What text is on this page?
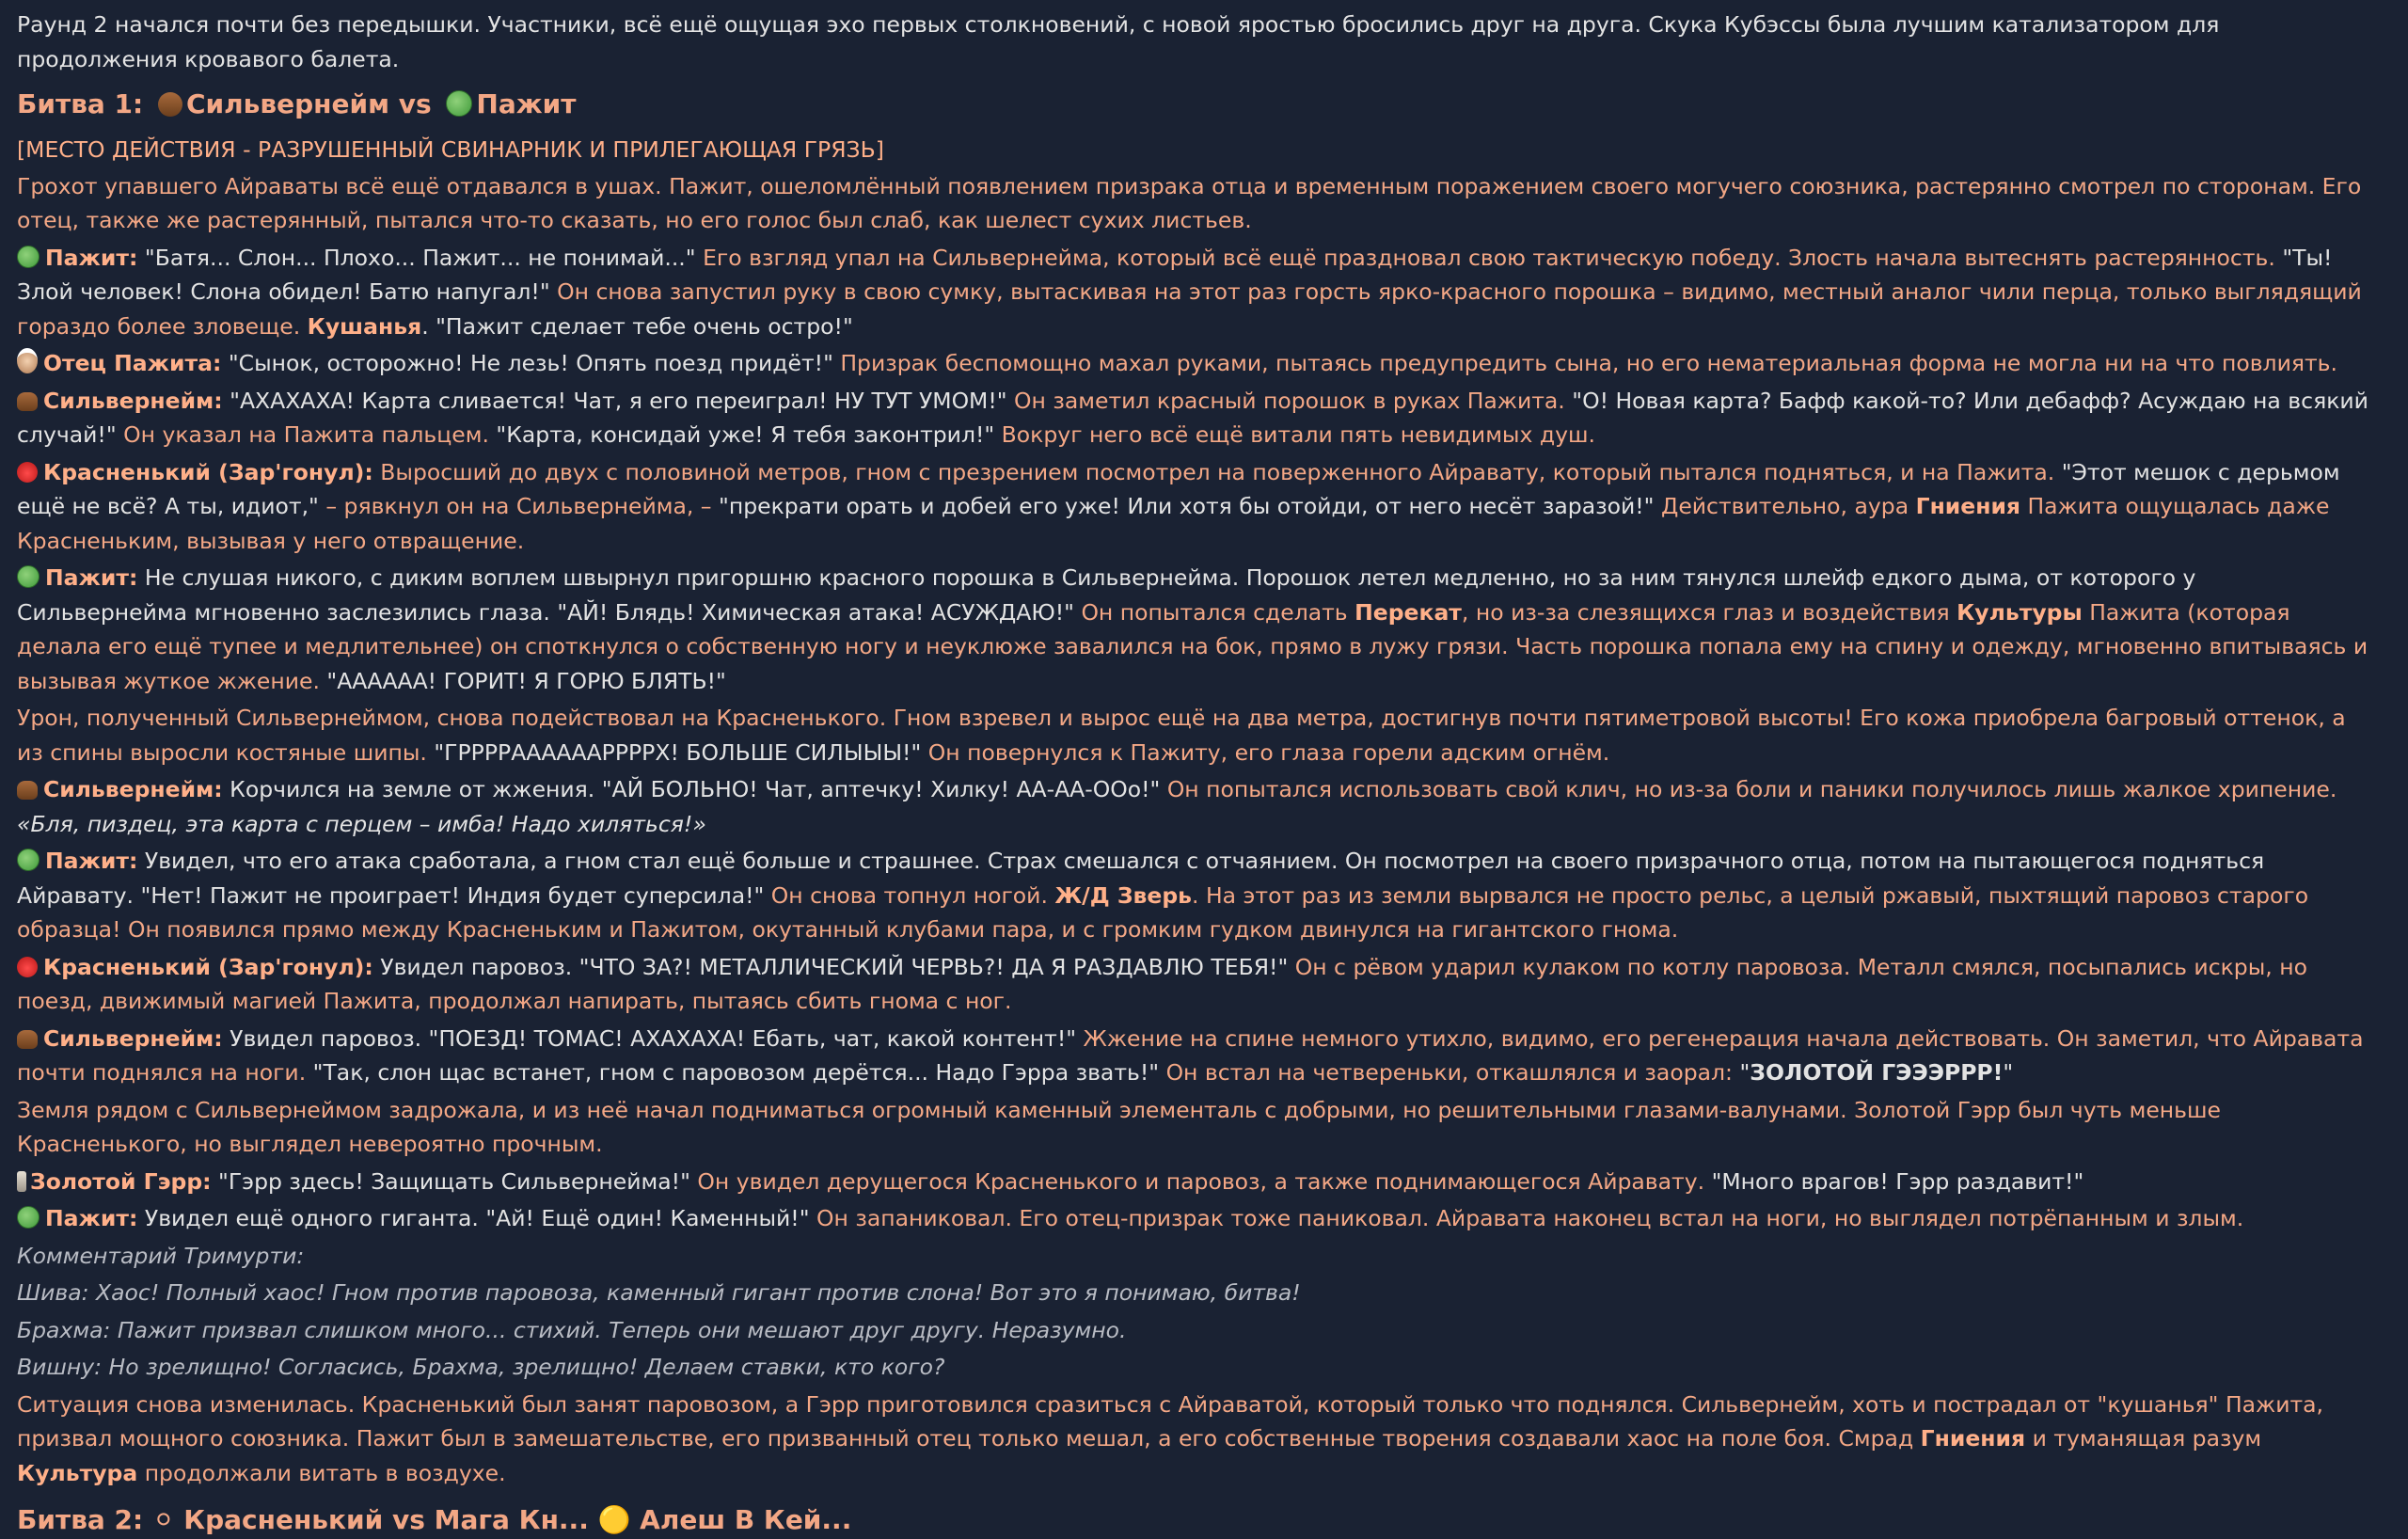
Раунд 2 начался почти без передышки. Участники, всё ещё ощущая эхо первых столкновений, с новой яростью бросились друг на друга. Скука Кубэссы была лучшим катализатором для продолжения кровавого балета.
Битва 1: Сильвернейм vs Пажит
[МЕСТО ДЕЙСТВИЯ - РАЗРУШЕННЫЙ СВИНАРНИК И ПРИЛЕГАЮЩАЯ ГРЯЗЬ]
Грохот упавшего Айраваты всё ещё отдавался в ушах. Пажит, ошеломлённый появлением призрака отца и временным поражением своего могучего союзника, растерянно смотрел по сторонам. Его отец, также же растерянный, пытался что-то сказать, но его голос был слаб, как шелест сухих листьев.
Пажит: "Батя... Слон... Плохо... Пажит... не понимай..." Его взгляд упал на Сильвернейма, который всё ещё праздновал свою тактическую победу. Злость начала вытеснять растерянность. "Ты! Злой человек! Слона обидел! Батю напугал!" Он снова запустил руку в свою сумку, вытаскивая на этот раз горсть ярко-красного порошка – видимо, местный аналог чили перца, только выглядящий гораздо более зловеще. Кушанья. "Пажит сделает тебе очень остро!"
Отец Пажита: "Сынок, осторожно! Не лезь! Опять поезд придёт!" Призрак беспомощно махал руками, пытаясь предупредить сына, но его нематериальная форма не могла ни на что повлиять.
Сильвернейм: "АХАХАХА! Карта сливается! Чат, я его переиграл! НУ ТУТ УМОМ!" Он заметил красный порошок в руках Пажита. "О! Новая карта? Бафф какой-то? Или дебафф? Асуждаю на всякий случай!" Он указал на Пажита пальцем. "Карта, консидай уже! Я тебя законтрил!" Вокруг него всё ещё витали пять невидимых душ.
Красненький (Зар'гонул): Выросший до двух с половиной метров, гном с презрением посмотрел на поверженного Айравату, который пытался подняться, и на Пажита. "Этот мешок с дерьмом ещё не всё? А ты, идиот," – рявкнул он на Сильвернейма, – "прекрати орать и добей его уже! Или хотя бы отойди, от него несёт заразой!" Действительно, аура Гниения Пажита ощущалась даже Красненьким, вызывая у него отвращение.
Пажит: Не слушая никого, с диким воплем швырнул пригоршню красного порошка в Сильвернейма. Порошок летел медленно, но за ним тянулся шлейф едкого дыма, от которого у Сильвернейма мгновенно заслезились глаза. "АЙ! Блядь! Химическая атака! АСУЖДАЮ!" Он попытался сделать Перекат, но из-за слезящихся глаз и воздействия Культуры Пажита (которая делала его ещё тупее и медлительнее) он споткнулся о собственную ногу и неуклюже завалился на бок, прямо в лужу грязи. Часть порошка попала ему на спину и одежду, мгновенно впитываясь и вызывая жуткое жжение. "АААААА! ГОРИТ! Я ГОРЮ БЛЯТЬ!"
Урон, полученный Сильвернеймом, снова подействовал на Красненького. Гном взревел и вырос ещё на два метра, достигнув почти пятиметровой высоты! Его кожа приобрела багровый оттенок, а из спины выросли костяные шипы. "ГРРРРААААААРРРРХ! БОЛЬШЕ СИЛЫЫЫ!" Он повернулся к Пажиту, его глаза горели адским огнём.
Сильвернейм: Корчился на земле от жжения. "АЙ БОЛЬНО! Чат, аптечку! Хилку! АА-АА-ООо!" Он попытался использовать свой клич, но из-за боли и паники получилось лишь жалкое хрипение. «Бля, пиздец, эта карта с перцем – имба! Надо хиляться!»
Пажит: Увидел, что его атака сработала, а гном стал ещё больше и страшнее. Страх смешался с отчаянием. Он посмотрел на своего призрачного отца, потом на пытающегося подняться Айравату. "Нет! Пажит не проиграет! Индия будет суперсила!" Он снова топнул ногой. Ж/Д Зверь. На этот раз из земли вырвался не просто рельс, а целый ржавый, пыхтящий паровоз старого образца! Он появился прямо между Красненьким и Пажитом, окутанный клубами пара, и с громким гудком двинулся на гигантского гнома.
Красненький (Зар'гонул): Увидел паровоз. "ЧТО ЗА?! МЕТАЛЛИЧЕСКИЙ ЧЕРВЬ?! ДА Я РАЗДАВЛЮ ТЕБЯ!" Он с рёвом ударил кулаком по котлу паровоза. Металл смялся, посыпались искры, но поезд, движимый магией Пажита, продолжал напирать, пытаясь сбить гнома с ног.
Сильвернейм: Увидел паровоз. "ПОЕЗД! ТОМАС! АХАХАХА! Ебать, чат, какой контент!" Жжение на спине немного утихло, видимо, его регенерация начала действовать. Он заметил, что Айравата почти поднялся на ноги. "Так, слон щас встанет, гном с паровозом дерётся... Надо Гэрра звать!" Он встал на четвереньки, откашлялся и заорал: "ЗОЛОТОЙ ГЭЭЭРРР!"
Земля рядом с Сильвернеймом задрожала, и из неё начал подниматься огромный каменный элементаль с добрыми, но решительными глазами-валунами. Золотой Гэрр был чуть меньше Красненького, но выглядел невероятно прочным.
Золотой Гэрр: "Гэрр здесь! Защищать Сильвернейма!" Он увидел дерущегося Красненького и паровоз, а также поднимающегося Айравату. "Много врагов! Гэрр раздавит!"
Пажит: Увидел ещё одного гиганта. "Ай! Ещё один! Каменный!" Он запаниковал. Его отец-призрак тоже паниковал. Айравата наконец встал на ноги, но выглядел потрёпанным и злым.
Комментарий Тримурти:
Шива: Хаос! Полный хаос! Гном против паровоза, каменный гигант против слона! Вот это я понимаю, битва!
Брахма: Пажит призвал слишком много... стихий. Теперь они мешают друг другу. Неразумно.
Вишну: Но зрелищно! Согласись, Брахма, зрелищно! Делаем ставки, кто кого?
Ситуация снова изменилась. Красненький был занят паровозом, а Гэрр приготовился сразиться с Айраватой, который только что поднялся. Сильвернейм, хоть и пострадал от "кушанья" Пажита, призвал мощного союзника. Пажит был в замешательстве, его призванный отец только мешал, а его собственные творения создавали хаос на поле боя. Смрад Гниения и туманящая разум Культура продолжали витать в воздухе.
Битва 2: ⚪ Красненький vs Мага Кн... 🟡 Алеш В Кей...
